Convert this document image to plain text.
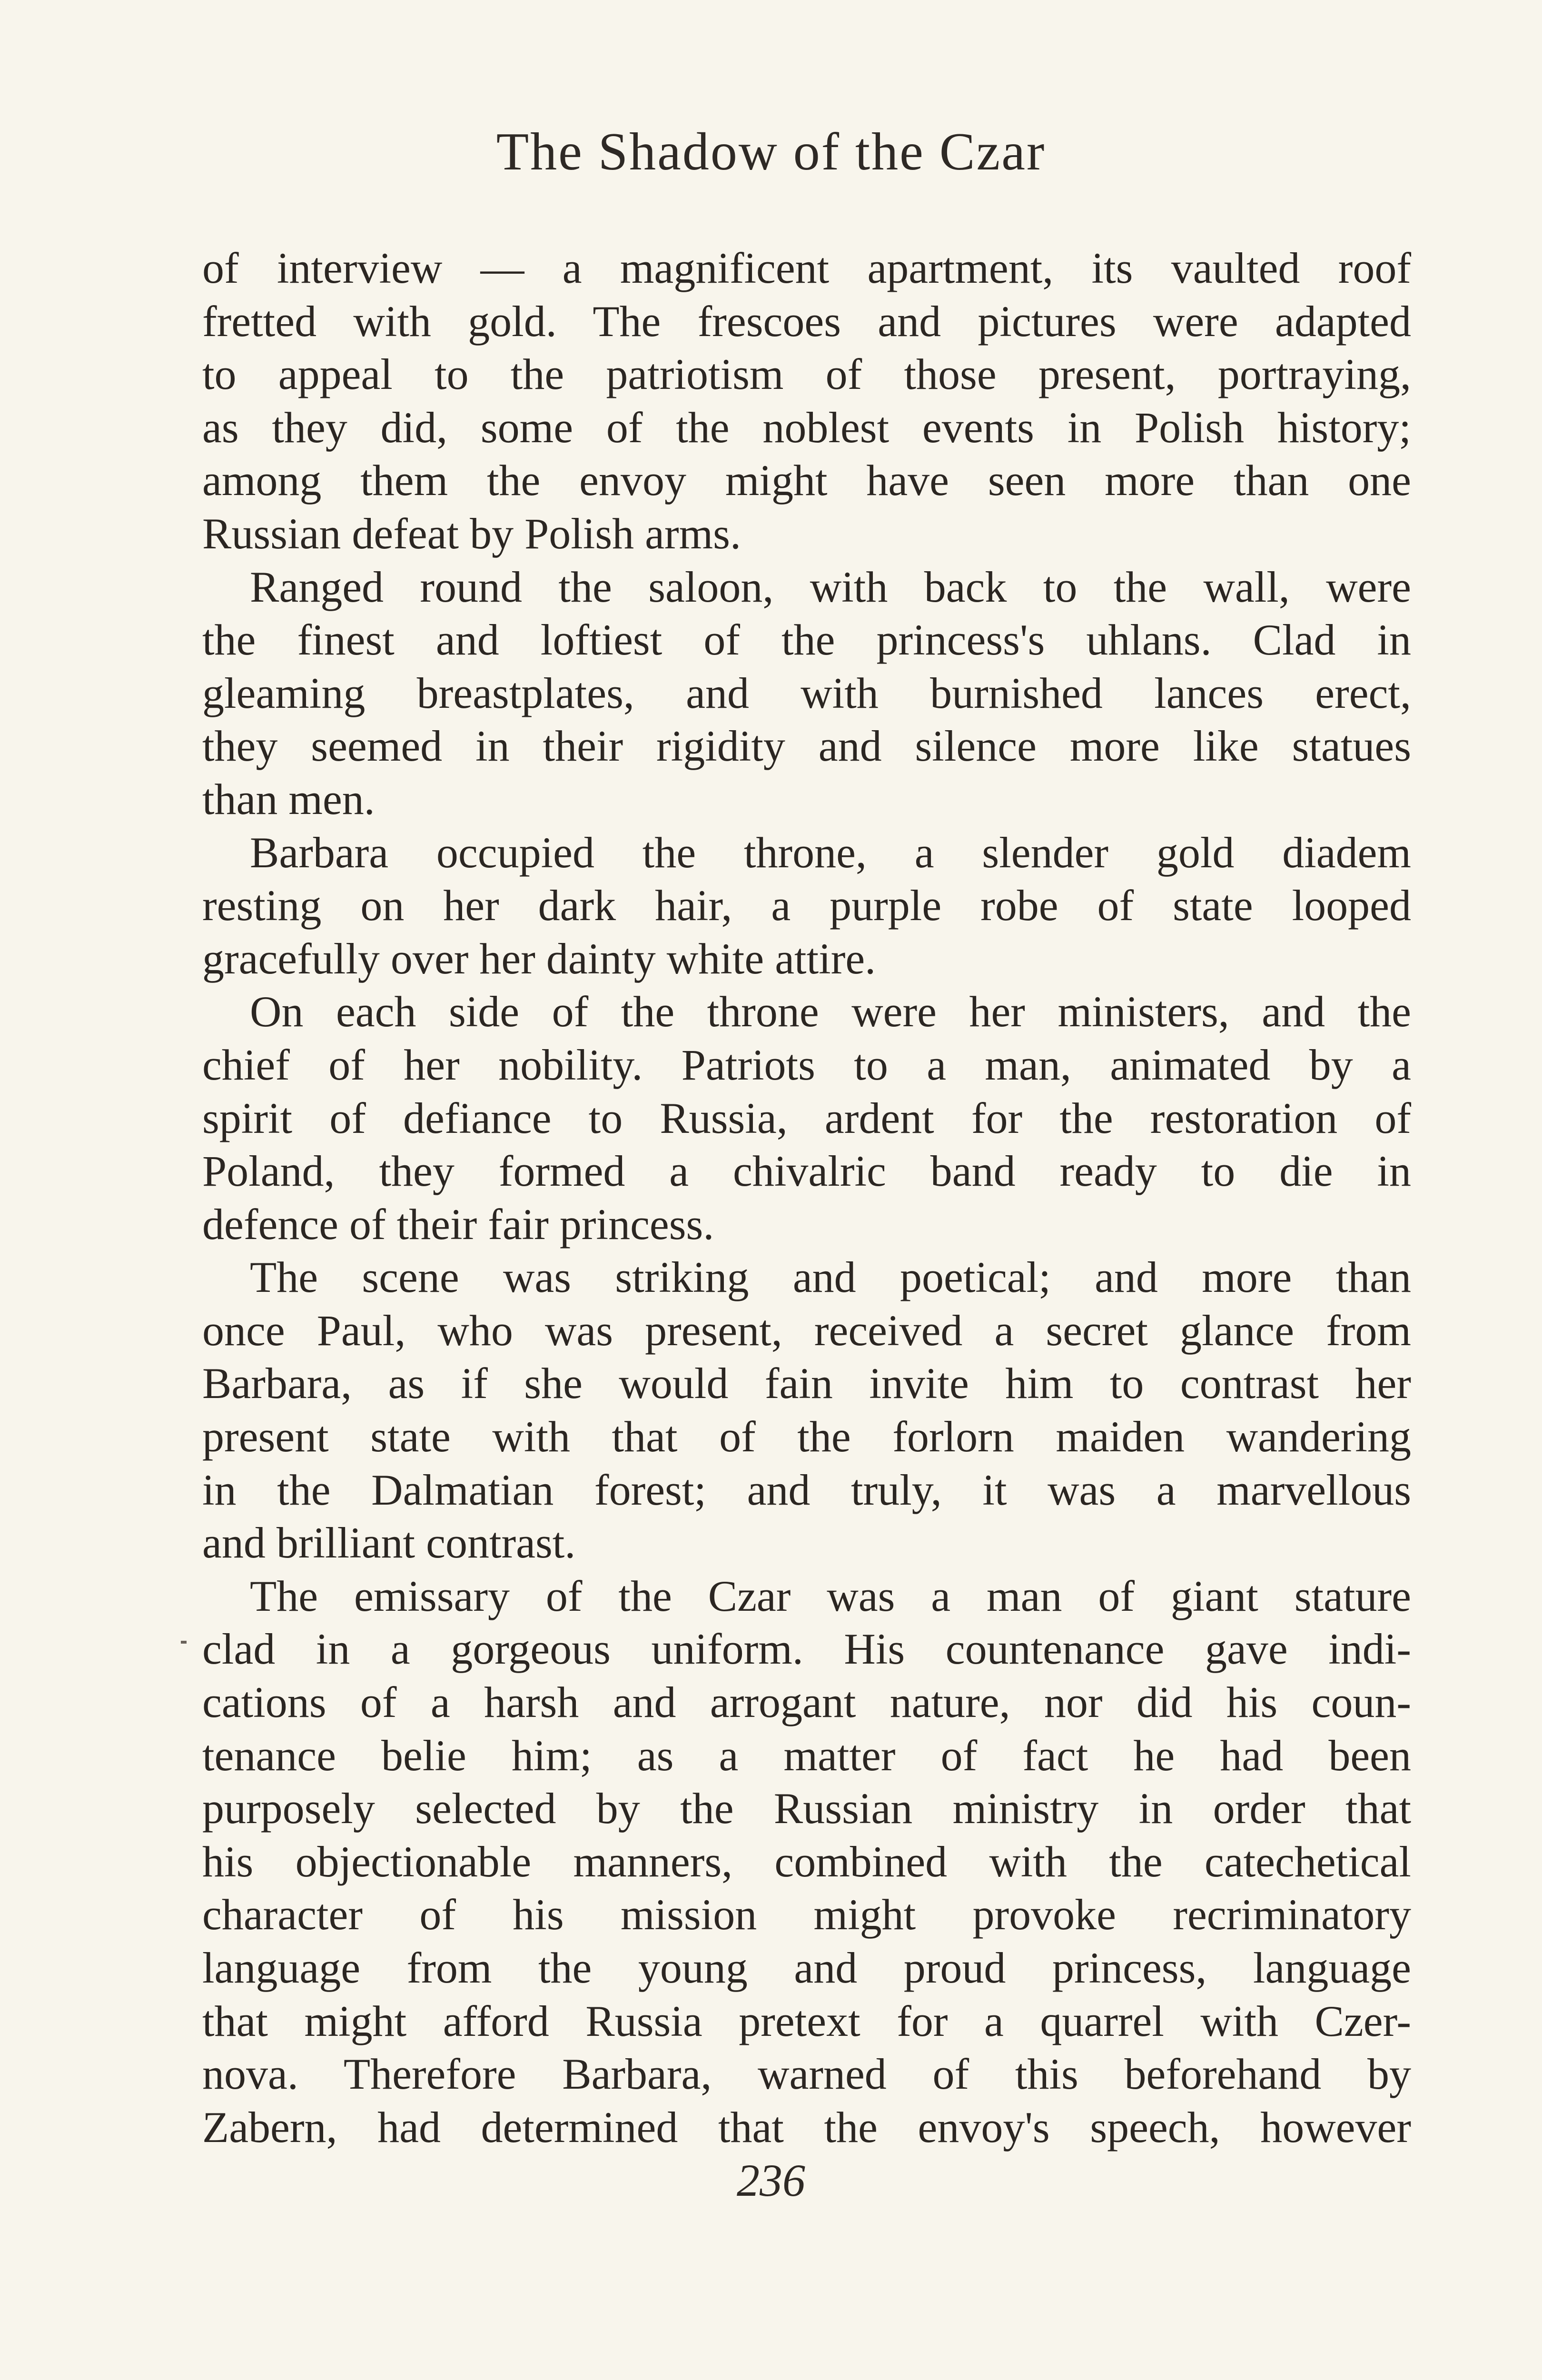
The Shadow of the Czar
of interview — a magnificent apartment, its vaulted roof
fretted with gold. The frescoes and pictures were adapted
to appeal to the patriotism of those present, portraying,
as they did, some of the noblest events in Polish history;
among them the envoy might have seen more than one
Russian defeat by Polish arms.
Ranged round the saloon, with back to the wall, were
the finest and loftiest of the princess's uhlans. Clad in
gleaming breastplates, and with burnished lances erect,
they seemed in their rigidity and silence more like statues
than men.
Barbara occupied the throne, a slender gold diadem
resting on her dark hair, a purple robe of state looped
gracefully over her dainty white attire.
On each side of the throne were her ministers, and the
chief of her nobility. Patriots to a man, animated by a
spirit of defiance to Russia, ardent for the restoration of
Poland, they formed a chivalric band ready to die in
defence of their fair princess.
The scene was striking and poetical; and more than
once Paul, who was present, received a secret glance from
Barbara, as if she would fain invite him to contrast her
present state with that of the forlorn maiden wandering
in the Dalmatian forest; and truly, it was a marvellous
and brilliant contrast.
The emissary of the Czar was a man of giant stature
clad in a gorgeous uniform. His countenance gave indi-
cations of a harsh and arrogant nature, nor did his coun-
tenance belie him; as a matter of fact he had been
purposely selected by the Russian ministry in order that
his objectionable manners, combined with the catechetical
character of his mission might provoke recriminatory
language from the young and proud princess, language
that might afford Russia pretext for a quarrel with Czer-
nova. Therefore Barbara, warned of this beforehand by
Zabern, had determined that the envoy's speech, however
236
